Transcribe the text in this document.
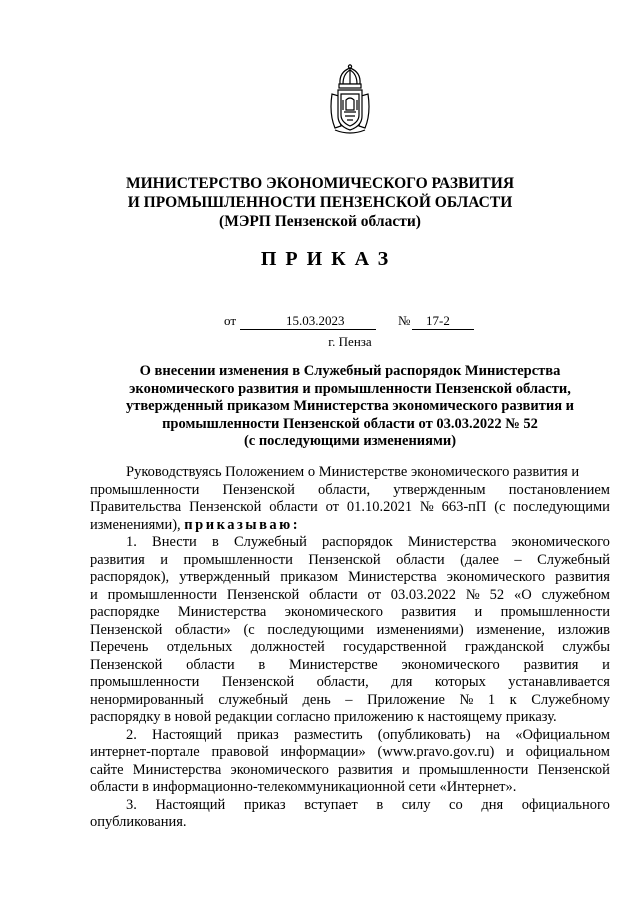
МИНИСТЕРСТВО ЭКОНОМИЧЕСКОГО РАЗВИТИЯ
И ПРОМЫШЛЕННОСТИ ПЕНЗЕНСКОЙ ОБЛАСТИ
(МЭРП Пензенской области)
ПРИКАЗ
от	15.03.2023	№ 17-2
г. Пенза
О внесении изменения в Служебный распорядок Министерства
экономического развития и промышленности Пензенской области,
утвержденный приказом Министерства экономического развития и
промышленности Пензенской области от 03.03.2022 № 52
(с последующими изменениями)
Руководствуясь Положением о Министерстве экономического развития и
промышленности Пензенской области, утвержденным постановлением
Правительства Пензенской области от 01.10.2021 № 663-пП (с последующими
изменениями), приказываю:
1. Внести в Служебный распорядок Министерства экономического
развития и промышленности Пензенской области (далее – Служебный
распорядок), утвержденный приказом Министерства экономического развития
и промышленности Пензенской области от 03.03.2022 № 52 «О служебном
распорядке Министерства экономического развития и промышленности
Пензенской области» (с последующими изменениями) изменение, изложив
Перечень отдельных должностей государственной гражданской службы
Пензенской области в Министерстве экономического развития и
промышленности Пензенской области, для которых устанавливается
ненормированный служебный день – Приложение № 1 к Служебному
распорядку в новой редакции согласно приложению к настоящему приказу.
2. Настоящий приказ разместить (опубликовать) на «Официальном
интернет-портале правовой информации» (www.pravo.gov.ru) и официальном
сайте Министерства экономического развития и промышленности Пензенской
области в информационно-телекоммуникационной сети «Интернет».
3. Настоящий приказ вступает в силу со дня официального
опубликования.
